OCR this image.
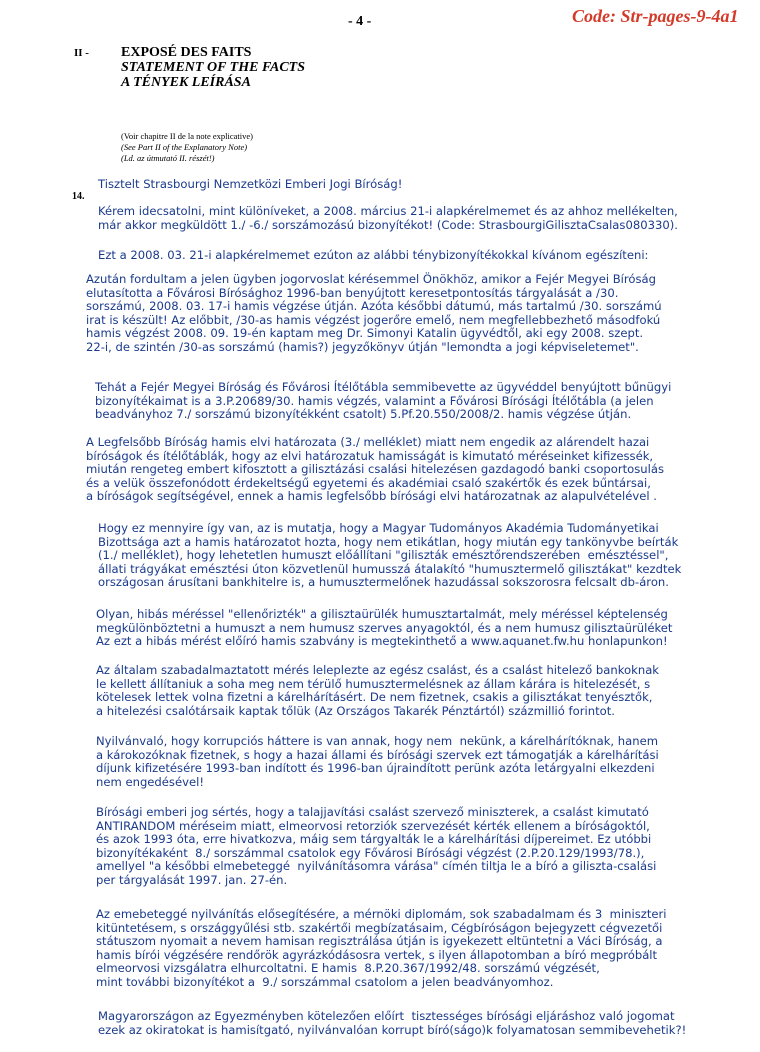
- 4 -	Code: Str-pages-9-4a1
II - EXPOSÉ DES FAITS
STATEMENT OF THE FACTS
A TÉNYEK LEÍRÁSA
(Voir chapitre II de la note explicative)
(See Part II of the Explanatory Note)
(Ld. az útmutató II. részét!)
14.
Tisztelt Strasbourgi Nemzetközi Emberi Jogi Bíróság!
Kérem idecsatolni, mint különíveket, a 2008. március 21-i alapkérelmemet és az ahhoz mellékelten,
már akkor megküldött 1./ -6./ sorszámozású bizonyítékot! (Code: StrasbourgiGilisztaCsalas080330).
Ezt a 2008. 03. 21-i alapkérelmemet ezúton az alábbi ténybizonyítékokkal kívánom egészíteni:
Azután fordultam a jelen ügyben jogorvoslat kérésemmel Önökhöz, amikor a Fejér Megyei Bíróság
elutasította a Fővárosi Bírósághoz 1996-ban benyújtott keresetpontosítás tárgyalását a /30.
sorszámú, 2008. 03. 17-i hamis végzése útján. Azóta későbbi dátumú, más tartalmú /30. sorszámú
irat is készült! Az előbbit, /30-as hamis végzést jogerőre emelő, nem megfellebbezhető másodfokú
hamis végzést 2008. 09. 19-én kaptam meg Dr. Simonyi Katalin ügyvédtől, aki egy 2008. szept.
22-i, de szintén /30-as sorszámú (hamis?) jegyzőkönyv útján "lemondta a jogi képviseletemet".
Tehát a Fejér Megyei Bíróság és Fővárosi Ítélőtábla semmibevette az ügyvéddel benyújtott bűnügyi
bizonyítékaimat is a 3.P.20689/30. hamis végzés, valamint a Fővárosi Bírósági Ítélőtábla (a jelen
beadványhoz 7./ sorszámú bizonyítékként csatolt) 5.Pf.20.550/2008/2. hamis végzése útján.
A Legfelsőbb Bíróság hamis elvi határozata (3./ melléklet) miatt nem engedik az alárendelt hazai
bíróságok és ítélőtáblák, hogy az elvi határozatuk hamisságát is kimutató méréseinket kifizessék,
miután rengeteg embert kifosztott a gilisztázási csalási hitelezésen gazdagodó banki csoportosulás
és a velük összefonódott érdekeltségű egyetemi és akadémiai csaló szakértők és ezek bűntársai,
a bíróságok segítségével, ennek a hamis legfelsőbb bírósági elvi határozatnak az alapulvételével .
Hogy ez mennyire így van, az is mutatja, hogy a Magyar Tudományos Akadémia Tudományetikai
Bizottsága azt a hamis határozatot hozta, hogy nem etikátlan, hogy miután egy tankönyvbe beírták
(1./ melléklet), hogy lehetetlen humuszt előállítani "giliszták emésztőrendszerében  emésztéssel",
állati trágyákat emésztési úton közvetlenül humusszá átalakító "humusztermelő gilisztákat" kezdtek
országosan árusítani bankhitelre is, a humusztermelőnek hazudással sokszorosra felcsalt db-áron.
Olyan, hibás méréssel "ellenőrizték" a gilisztaürülék humusztartalmát, mely méréssel képtelenség
megkülönböztetni a humuszt a nem humusz szerves anyagoktól, és a nem humusz gilisztaürüléket
Az ezt a hibás mérést előíró hamis szabvány is megtekinthető a www.aquanet.fw.hu honlapunkon!
Az általam szabadalmaztatott mérés leleplezte az egész csalást, és a csalást hitelező bankoknak
le kellett állítaniuk a soha meg nem térülő humusztermelésnek az állam kárára is hitelezését, s
kötelesek lettek volna fizetni a kárelhárításért. De nem fizetnek, csakis a gilisztákat tenyésztők,
a hitelezési csalótársaik kaptak tőlük (Az Országos Takarék Pénztártól) százmillió forintot.
Nyilvánvaló, hogy korrupciós háttere is van annak, hogy nem  nekünk, a kárelhárítóknak, hanem
a károkozóknak fizetnek, s hogy a hazai állami és bírósági szervek ezt támogatják a kárelhárítási
díjunk kifizetésére 1993-ban indított és 1996-ban újraindított perünk azóta letárgyalni elkezdeni
nem engedésével!
Bírósági emberi jog sértés, hogy a talajjavítási csalást szervező miniszterek, a csalást kimutató
ANTIRANDOM méréseim miatt, elmeorvosi retorziók szervezését kérték ellenem a bíróságoktól,
és azok 1993 óta, erre hivatkozva, máig sem tárgyalták le a kárelhárítási díjpereimet. Ez utóbbi
bizonyítékaként  8./ sorszámmal csatolok egy Fővárosi Bírósági végzést (2.P.20.129/1993/78.),
amellyel "a későbbi elmebeteggé  nyilvánításomra várása" címén tiltja le a bíró a giliszta-csalási
per tárgyalását 1997. jan. 27-én.
Az emebeteggé nyilvánítás elősegítésére, a mérnöki diplomám, sok szabadalmam és 3  miniszteri
kitüntetésem, s országgyűlési stb. szakértői megbízatásaim, Cégbíróságon bejegyzett cégvezetői
státuszom nyomait a nevem hamisan regisztrálása útján is igyekezett eltüntetni a Váci Bíróság, a
hamis bírói végzésére rendőrök agyrázkódásosra vertek, s ilyen állapotomban a bíró megpróbált
elmeorvosi vizsgálatra elhurcoltatni. E hamis  8.P.20.367/1992/48. sorszámú végzését,
mint további bizonyítékot a  9./ sorszámmal csatolom a jelen beadványomhoz.
Magyarországon az Egyezményben kötelezően előírt  tisztességes bírósági eljáráshoz való jogomat
ezek az okiratokat is hamisítgató, nyilvánvalóan korrupt bíró(ságo)k folyamatosan semmibevehetik?!
